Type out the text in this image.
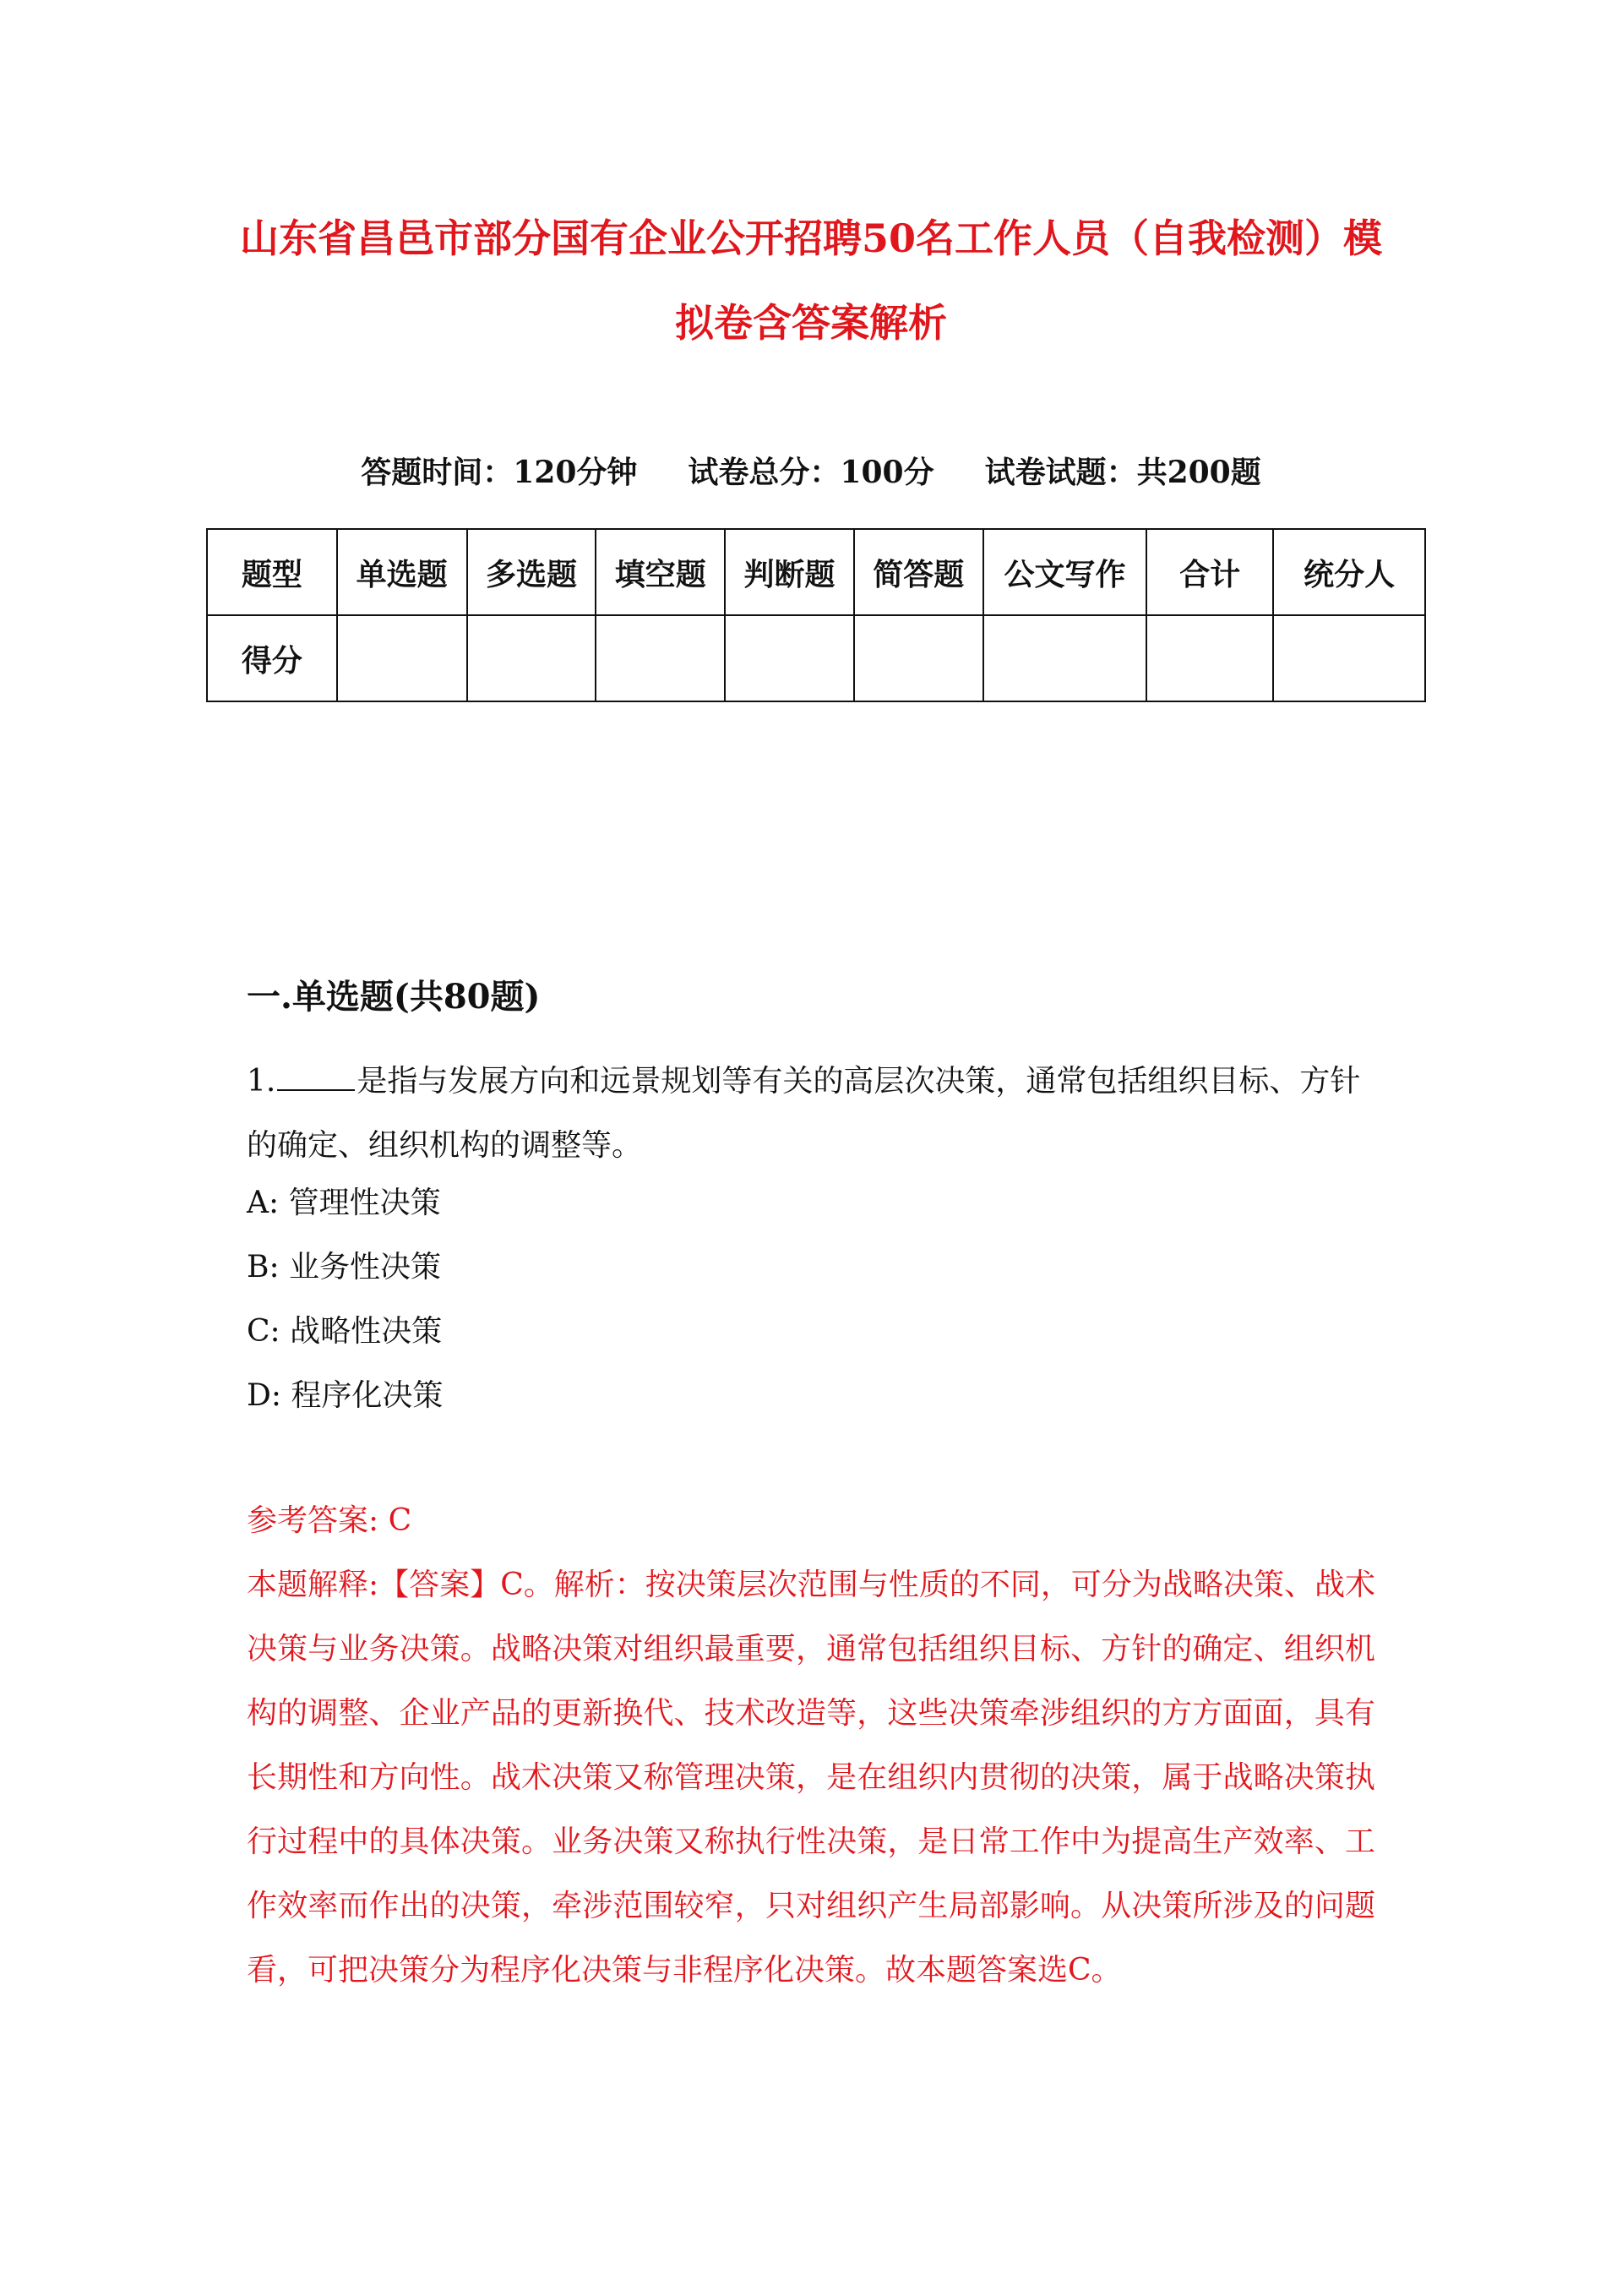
山东省昌邑市部分国有企业公开招聘50名工作人员（自我检测）模
拟卷含答案解析
答题时间：120分钟 试卷总分：100分 试卷试题：共200题
题型	单选题	多选题	填空题	判断题	简答题	公文写作	合计	统分人
得分								
一.单选题(共80题)
1.	是指与发展方向和远景规划等有关的高层次决策，通常包括组织目标、方针的确定、组织机构的调整等。
A: 管理性决策
B: 业务性决策
C: 战略性决策
D: 程序化决策
参考答案: C
本题解释:【答案】C。解析：按决策层次范围与性质的不同，可分为战略决策、战术决策与业务决策。战略决策对组织最重要，通常包括组织目标、方针的确定、组织机构的调整、企业产品的更新换代、技术改造等，这些决策牵涉组织的方方面面，具有长期性和方向性。战术决策又称管理决策，是在组织内贯彻的决策，属于战略决策执行过程中的具体决策。业务决策又称执行性决策，是日常工作中为提高生产效率、工作效率而作出的决策，牵涉范围较窄，只对组织产生局部影响。从决策所涉及的问题看，可把决策分为程序化决策与非程序化决策。故本题答案选C。
